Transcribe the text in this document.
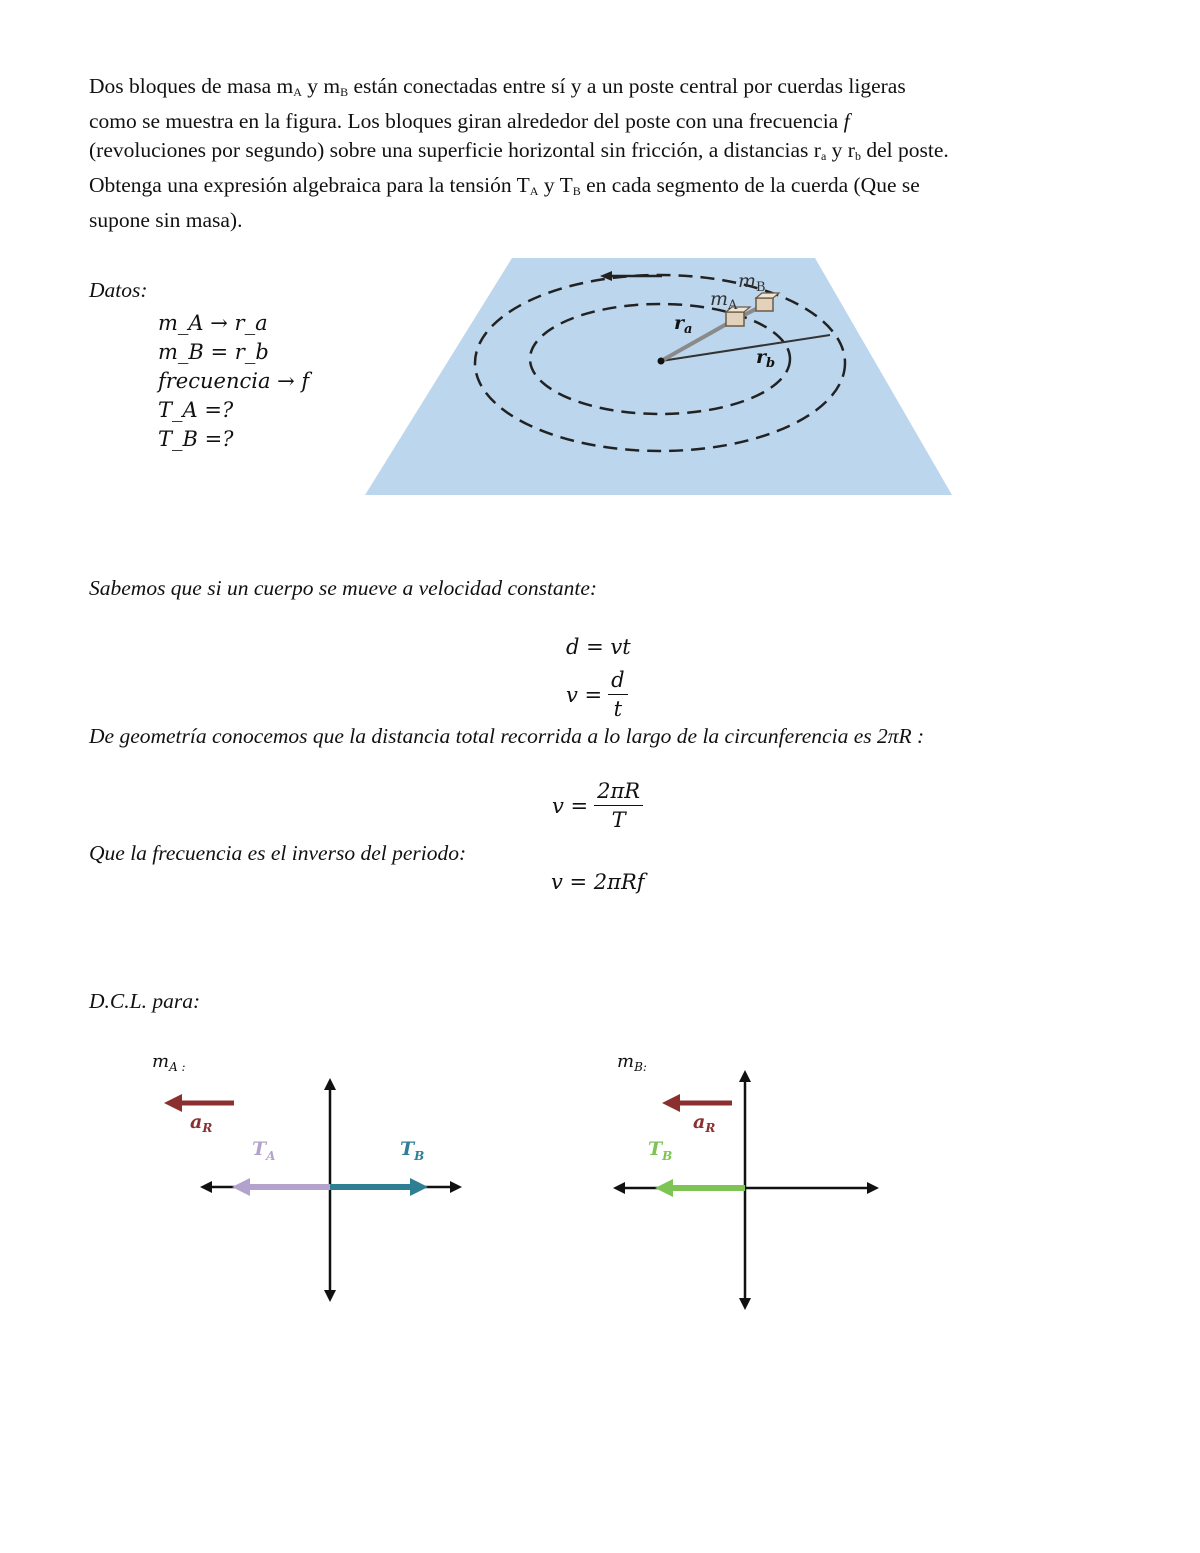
Dos bloques de masa $m_A$ y $m_B$ están conectadas entre sí y a un poste central por cuerdas ligeras
como se muestra en la figura. Los bloques giran alrededor del poste con una frecuencia f
(revoluciones por segundo) sobre una superficie horizontal sin fricción, a distancias $r_a$ y $r_b$ del poste.
Obtenga una expresión algebraica para la tensión $T_A$ y $T_B$ en cada segmento de la cuerda (Que se
supone sin masa).
Datos:
m_A → r_a
m_B = r_b
frecuencia → f
T_A =?
T_B =?
$m_A$
$m_B$
$r_a$
$r_b$
Sabemos que si un cuerpo se mueve a velocidad constante:
d = vt
$v = \frac{d}{t}$
De geometría conocemos que la distancia total recorrida a lo largo de la circunferencia es 2πR :
$v = \frac{2\pi R}{T}$
Que la frecuencia es el inverso del periodo:
v = 2πRf
D.C.L. para:
$m_{A :}$
$a_R$
$T_A$	$T_B$
$m_{B:}$
$a_R$
$T_B$
